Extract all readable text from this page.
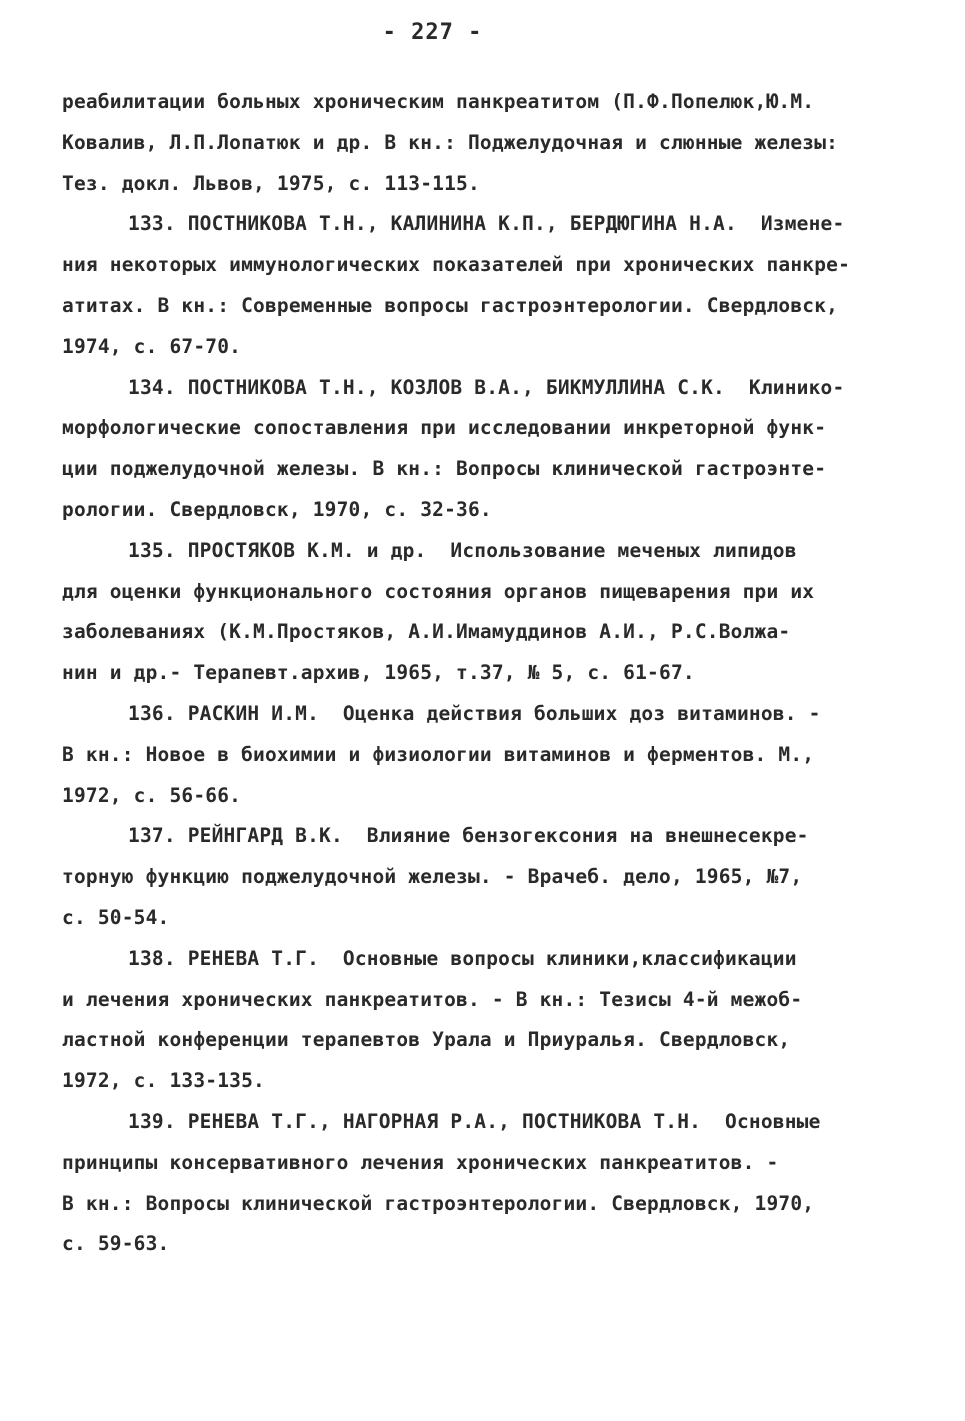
- 227 -
реабилитации больных хроническим панкреатитом (П.Ф.Попелюк,Ю.М.
Ковалив, Л.П.Лопатюк и др. В кн.: Поджелудочная и слюнные железы:
Тез. докл. Львов, 1975, с. 113-115.
133. ПОСТНИКОВА Т.Н., КАЛИНИНА К.П., БЕРДЮГИНА Н.А.  Измене-
ния некоторых иммунологических показателей при хронических панкре-
атитах. В кн.: Современные вопросы гастроэнтерологии. Свердловск,
1974, с. 67-70.
134. ПОСТНИКОВА Т.Н., КОЗЛОВ В.А., БИКМУЛЛИНА С.К.  Клинико-
морфологические сопоставления при исследовании инкреторной функ-
ции поджелудочной железы. В кн.: Вопросы клинической гастроэнте-
рологии. Свердловск, 1970, с. 32-36.
135. ПРОСТЯКОВ К.М. и др.  Использование меченых липидов
для оценки функционального состояния органов пищеварения при их
заболеваниях (К.М.Простяков, А.И.Имамуддинов А.И., Р.С.Волжа-
нин и др.- Терапевт.архив, 1965, т.37, № 5, с. 61-67.
136. РАСКИН И.М.  Оценка действия больших доз витаминов. -
В кн.: Новое в биохимии и физиологии витаминов и ферментов. М.,
1972, с. 56-66.
137. РЕЙНГАРД В.К.  Влияние бензогексония на внешнесекре-
торную функцию поджелудочной железы. - Врачеб. дело, 1965, №7,
с. 50-54.
138. РЕНЕВА Т.Г.  Основные вопросы клиники,классификации
и лечения хронических панкреатитов. - В кн.: Тезисы 4-й межоб-
ластной конференции терапевтов Урала и Приуралья. Свердловск,
1972, с. 133-135.
139. РЕНЕВА Т.Г., НАГОРНАЯ Р.А., ПОСТНИКОВА Т.Н.  Основные
принципы консервативного лечения хронических панкреатитов. -
В кн.: Вопросы клинической гастроэнтерологии. Свердловск, 1970,
с. 59-63.
